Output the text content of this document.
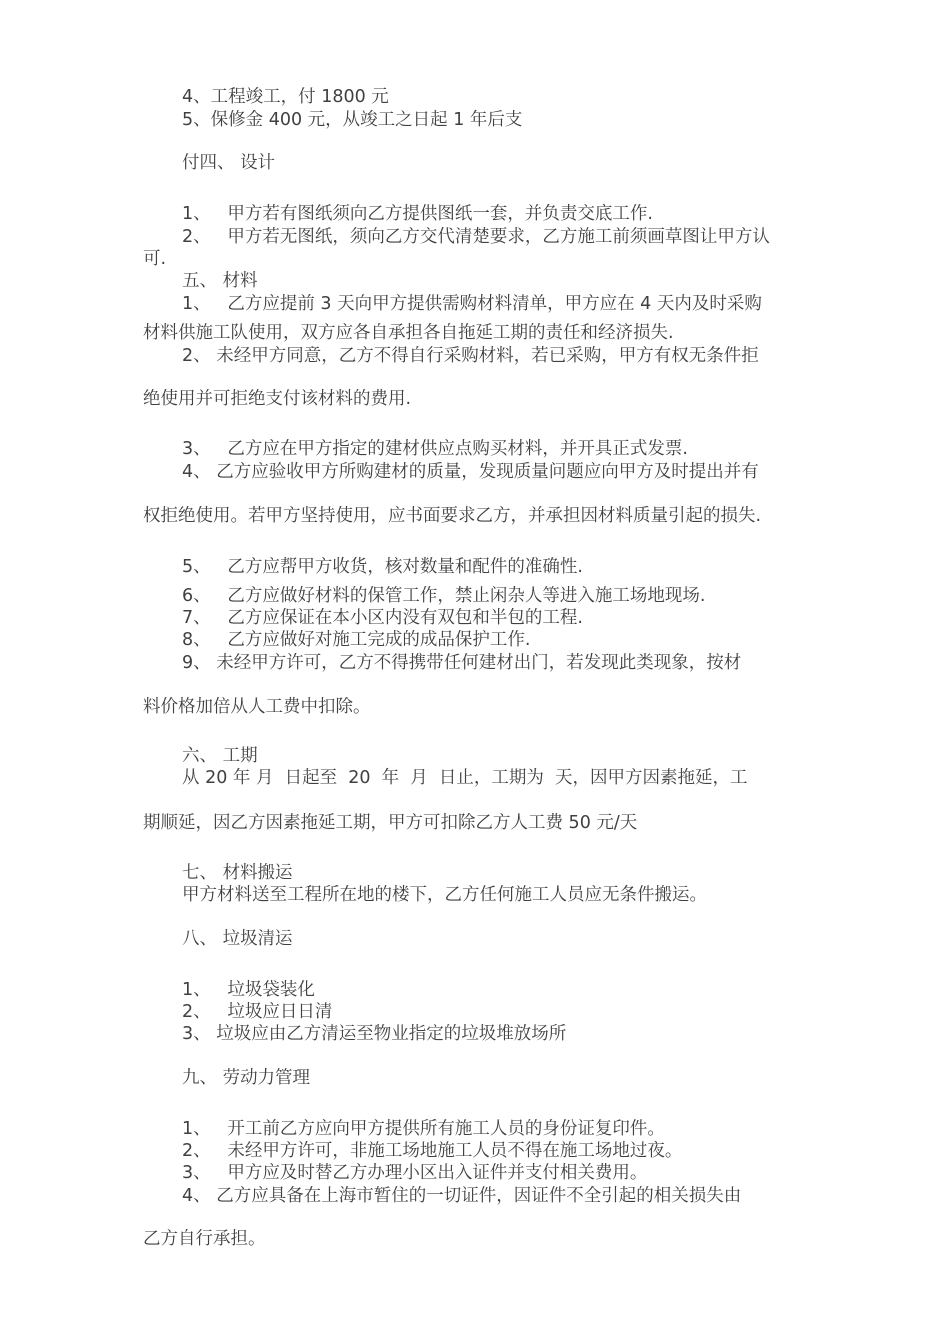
4、工程竣工，付 1800 元
5、保修金 400 元，从竣工之日起 1 年后支
付四、 设计
1、   甲方若有图纸须向乙方提供图纸一套，并负责交底工作.
2、   甲方若无图纸，须向乙方交代清楚要求，乙方施工前须画草图让甲方认
可.
五、 材料
1、   乙方应提前 3 天向甲方提供需购材料清单，甲方应在 4 天内及时采购
材料供施工队使用，双方应各自承担各自拖延工期的责任和经济损失.
2、 未经甲方同意，乙方不得自行采购材料，若已采购，甲方有权无条件拒
绝使用并可拒绝支付该材料的费用.
3、   乙方应在甲方指定的建材供应点购买材料，并开具正式发票.
4、 乙方应验收甲方所购建材的质量，发现质量问题应向甲方及时提出并有
权拒绝使用。若甲方坚持使用，应书面要求乙方，并承担因材料质量引起的损失.
5、   乙方应帮甲方收货，核对数量和配件的准确性.
6、   乙方应做好材料的保管工作，禁止闲杂人等进入施工场地现场.
7、   乙方应保证在本小区内没有双包和半包的工程.
8、   乙方应做好对施工完成的成品保护工作.
9、 未经甲方许可，乙方不得携带任何建材出门，若发现此类现象，按材
料价格加倍从人工费中扣除。
六、 工期
从 20 年 月  日起至  20  年  月  日止，工期为  天，因甲方因素拖延，工
期顺延，因乙方因素拖延工期，甲方可扣除乙方人工费 50 元/天
七、 材料搬运
甲方材料送至工程所在地的楼下，乙方任何施工人员应无条件搬运。
八、 垃圾清运
1、   垃圾袋装化
2、   垃圾应日日清
3、 垃圾应由乙方清运至物业指定的垃圾堆放场所
九、 劳动力管理
1、   开工前乙方应向甲方提供所有施工人员的身份证复印件。
2、   未经甲方许可，非施工场地施工人员不得在施工场地过夜。
3、   甲方应及时替乙方办理小区出入证件并支付相关费用。
4、 乙方应具备在上海市暂住的一切证件，因证件不全引起的相关损失由
乙方自行承担。
